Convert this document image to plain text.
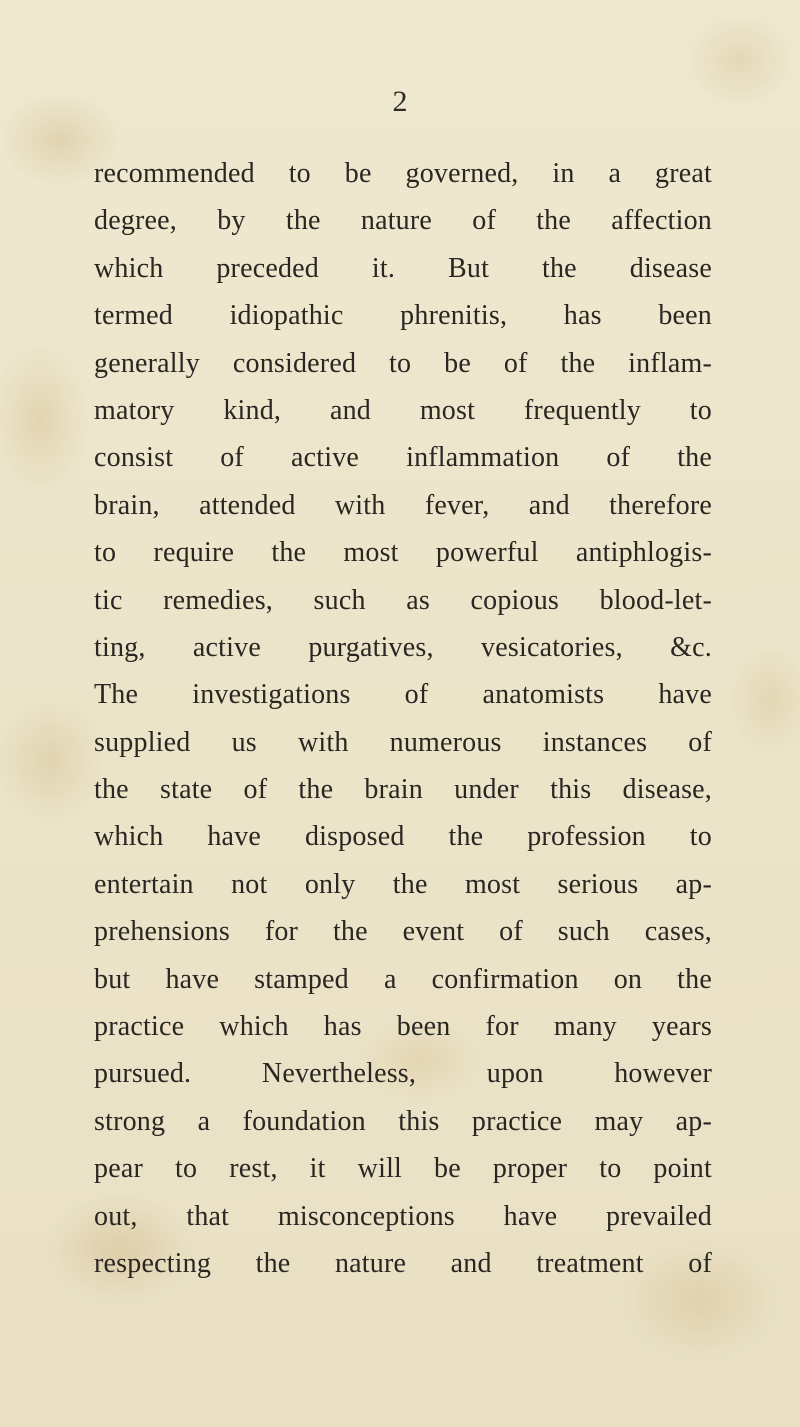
2
recommended to be governed, in a great
degree, by the nature of the affection
which preceded it. But the disease
termed idiopathic phrenitis, has been
generally considered to be of the inflam-
matory kind, and most frequently to
consist of active inflammation of the
brain, attended with fever, and therefore
to require the most powerful antiphlogis-
tic remedies, such as copious blood-let-
ting, active purgatives, vesicatories, &c.
The investigations of anatomists have
supplied us with numerous instances of
the state of the brain under this disease,
which have disposed the profession to
entertain not only the most serious ap-
prehensions for the event of such cases,
but have stamped a confirmation on the
practice which has been for many years
pursued. Nevertheless, upon however
strong a foundation this practice may ap-
pear to rest, it will be proper to point
out, that misconceptions have prevailed
respecting the nature and treatment of
